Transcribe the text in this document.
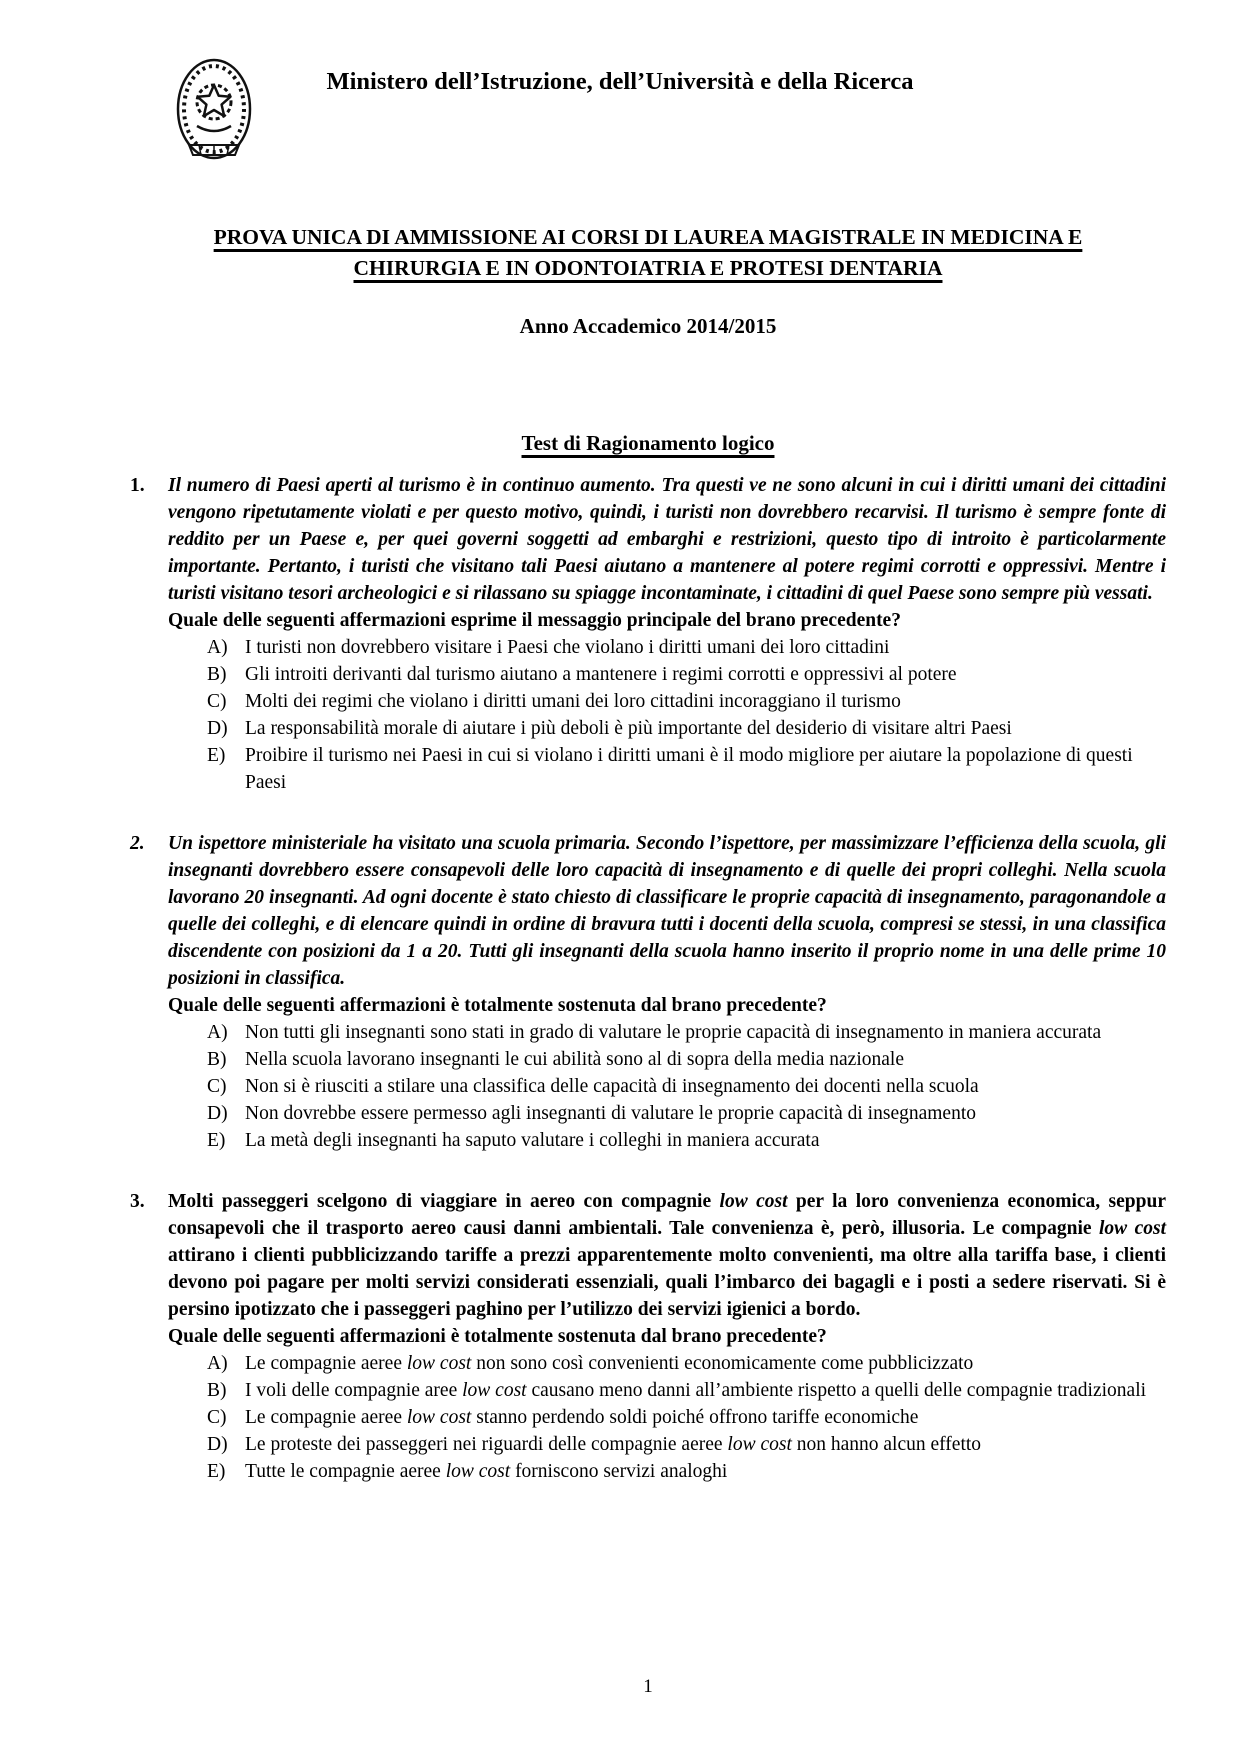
Ministero dell’Istruzione, dell’Università e della Ricerca
PROVA UNICA DI AMMISSIONE AI CORSI DI LAUREA MAGISTRALE IN MEDICINA E
CHIRURGIA E IN ODONTOIATRIA E PROTESI DENTARIA
Anno Accademico 2014/2015
Test di Ragionamento logico
1.	Il numero di Paesi aperti al turismo è in continuo aumento. Tra questi ve ne sono alcuni in cui i diritti umani dei cittadini vengono ripetutamente violati e per questo motivo, quindi, i turisti non dovrebbero recarvisi. Il turismo è sempre fonte di reddito per un Paese e, per quei governi soggetti ad embarghi e restrizioni, questo tipo di introito è particolarmente importante. Pertanto, i turisti che visitano tali Paesi aiutano a mantenere al potere regimi corrotti e oppressivi. Mentre i turisti visitano tesori archeologici e si rilassano su spiagge incontaminate, i cittadini di quel Paese sono sempre più vessati.

Quale delle seguenti affermazioni esprime il messaggio principale del brano precedente?

A) I turisti non dovrebbero visitare i Paesi che violano i diritti umani dei loro cittadini
B) Gli introiti derivanti dal turismo aiutano a mantenere i regimi corrotti e oppressivi al potere
C) Molti dei regimi che violano i diritti umani dei loro cittadini incoraggiano il turismo
D) La responsabilità morale di aiutare i più deboli è più importante del desiderio di visitare altri Paesi
E)	Proibire il turismo nei Paesi in cui si violano i diritti umani è il modo migliore per aiutare la popolazione di questi Paesi
2.	Un ispettore ministeriale ha visitato una scuola primaria. Secondo l’ispettore, per massimizzare l’efficienza della scuola, gli insegnanti dovrebbero essere consapevoli delle loro capacità di insegnamento e di quelle dei propri colleghi. Nella scuola lavorano 20 insegnanti. Ad ogni docente è stato chiesto di classificare le proprie capacità di insegnamento, paragonandole a quelle dei colleghi, e di elencare quindi in ordine di bravura tutti i docenti della scuola, compresi se stessi, in una classifica discendente con posizioni da 1 a 20. Tutti gli insegnanti della scuola hanno inserito il proprio nome in una delle prime 10 posizioni in classifica.

Quale delle seguenti affermazioni è totalmente sostenuta dal brano precedente?

A) Non tutti gli insegnanti sono stati in grado di valutare le proprie capacità di insegnamento in maniera accurata
B) Nella scuola lavorano insegnanti le cui abilità sono al di sopra della media nazionale
C) Non si è riusciti a stilare una classifica delle capacità di insegnamento dei docenti nella scuola
D) Non dovrebbe essere permesso agli insegnanti di valutare le proprie capacità di insegnamento
E)	La metà degli insegnanti ha saputo valutare i colleghi in maniera accurata
3.	Molti passeggeri scelgono di viaggiare in aereo con compagnie low cost per la loro convenienza economica, seppur consapevoli che il trasporto aereo causi danni ambientali. Tale convenienza è, però, illusoria. Le compagnie low cost attirano i clienti pubblicizzando tariffe a prezzi apparentemente molto convenienti, ma oltre alla tariffa base, i clienti devono poi pagare per molti servizi considerati essenziali, quali l’imbarco dei bagagli e i posti a sedere riservati. Si è persino ipotizzato che i passeggeri paghino per l’utilizzo dei servizi igienici a bordo.

Quale delle seguenti affermazioni è totalmente sostenuta dal brano precedente?

A) Le compagnie aeree low cost non sono così convenienti economicamente come pubblicizzato
B) I voli delle compagnie aree low cost causano meno danni all’ambiente rispetto a quelli delle compagnie tradizionali
C) Le compagnie aeree low cost stanno perdendo soldi poiché offrono tariffe economiche
D) Le proteste dei passeggeri nei riguardi delle compagnie aeree low cost non hanno alcun effetto
E)	Tutte le compagnie aeree low cost forniscono servizi analoghi
1
